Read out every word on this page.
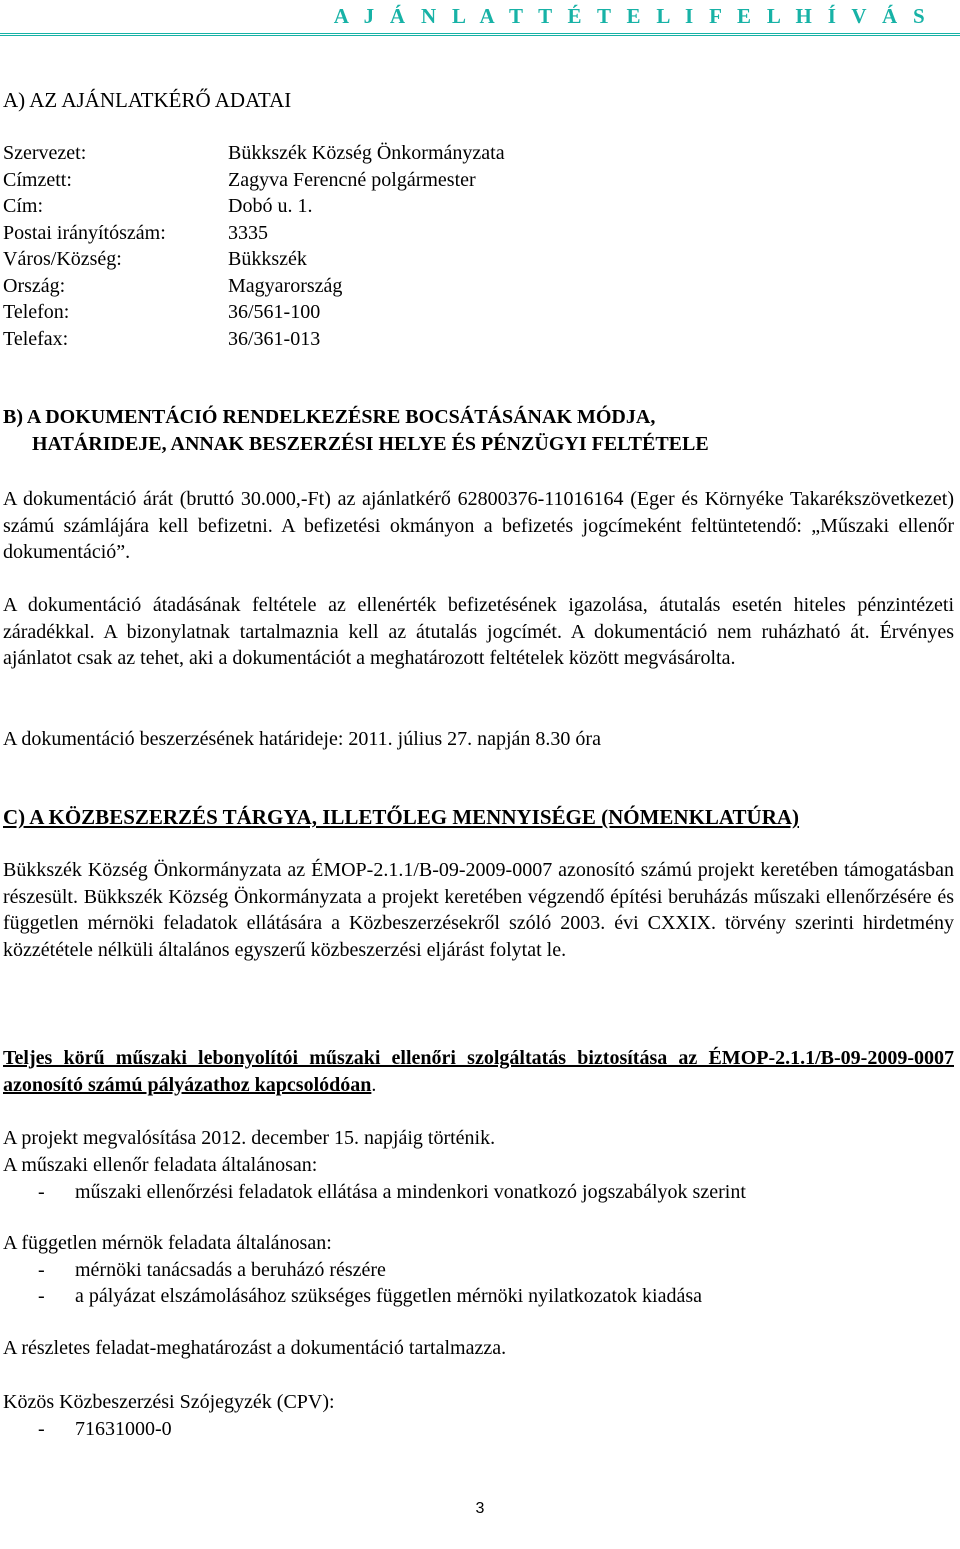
A J Á N L A T T É T E L I F E L H Í V Á S
A) AZ AJÁNLATKÉRŐ ADATAI
Szervezet:	Bükkszék Község Önkormányzata
Címzett:	Zagyva Ferencné polgármester
Cím:	Dobó u. 1.
Postai irányítószám:	3335
Város/Község:	Bükkszék
Ország:	Magyarország
Telefon:	36/561-100
Telefax:	36/361-013
B) A DOKUMENTÁCIÓ RENDELKEZÉSRE BOCSÁTÁSÁNAK MÓDJA,
HATÁRIDEJE, ANNAK BESZERZÉSI HELYE ÉS PÉNZÜGYI FELTÉTELE
A dokumentáció árát (bruttó 30.000,-Ft) az ajánlatkérő 62800376-11016164 (Eger és Környéke Takarékszövetkezet) számú számlájára kell befizetni. A befizetési okmányon a befizetés jogcímeként feltüntetendő: „Műszaki ellenőr dokumentáció”.
A dokumentáció átadásának feltétele az ellenérték befizetésének igazolása, átutalás esetén hiteles pénzintézeti záradékkal. A bizonylatnak tartalmaznia kell az átutalás jogcímét. A dokumentáció nem ruházható át. Érvényes ajánlatot csak az tehet, aki a dokumentációt a meghatározott feltételek között megvásárolta.
A dokumentáció beszerzésének határideje: 2011. július 27. napján 8.30 óra
C) A KÖZBESZERZÉS TÁRGYA, ILLETŐLEG MENNYISÉGE (NÓMENKLATÚRA)
Bükkszék Község Önkormányzata az ÉMOP-2.1.1/B-09-2009-0007 azonosító számú projekt keretében támogatásban részesült. Bükkszék Község Önkormányzata a projekt keretében végzendő építési beruházás műszaki ellenőrzésére és független mérnöki feladatok ellátására a Közbeszerzésekről szóló 2003. évi CXXIX. törvény szerinti hirdetmény közzététele nélküli általános egyszerű közbeszerzési eljárást folytat le.
Teljes körű műszaki lebonyolítói műszaki ellenőri szolgáltatás biztosítása az ÉMOP-2.1.1/B-09-2009-0007 azonosító számú pályázathoz kapcsolódóan.
A projekt megvalósítása 2012. december 15. napjáig történik.
A műszaki ellenőr feladata általánosan:
- műszaki ellenőrzési feladatok ellátása a mindenkori vonatkozó jogszabályok szerint
A független mérnök feladata általánosan:
- mérnöki tanácsadás a beruházó részére
- a pályázat elszámolásához szükséges független mérnöki nyilatkozatok kiadása
A részletes feladat-meghatározást a dokumentáció tartalmazza.
Közös Közbeszerzési Szójegyzék (CPV):
- 71631000-0
3
